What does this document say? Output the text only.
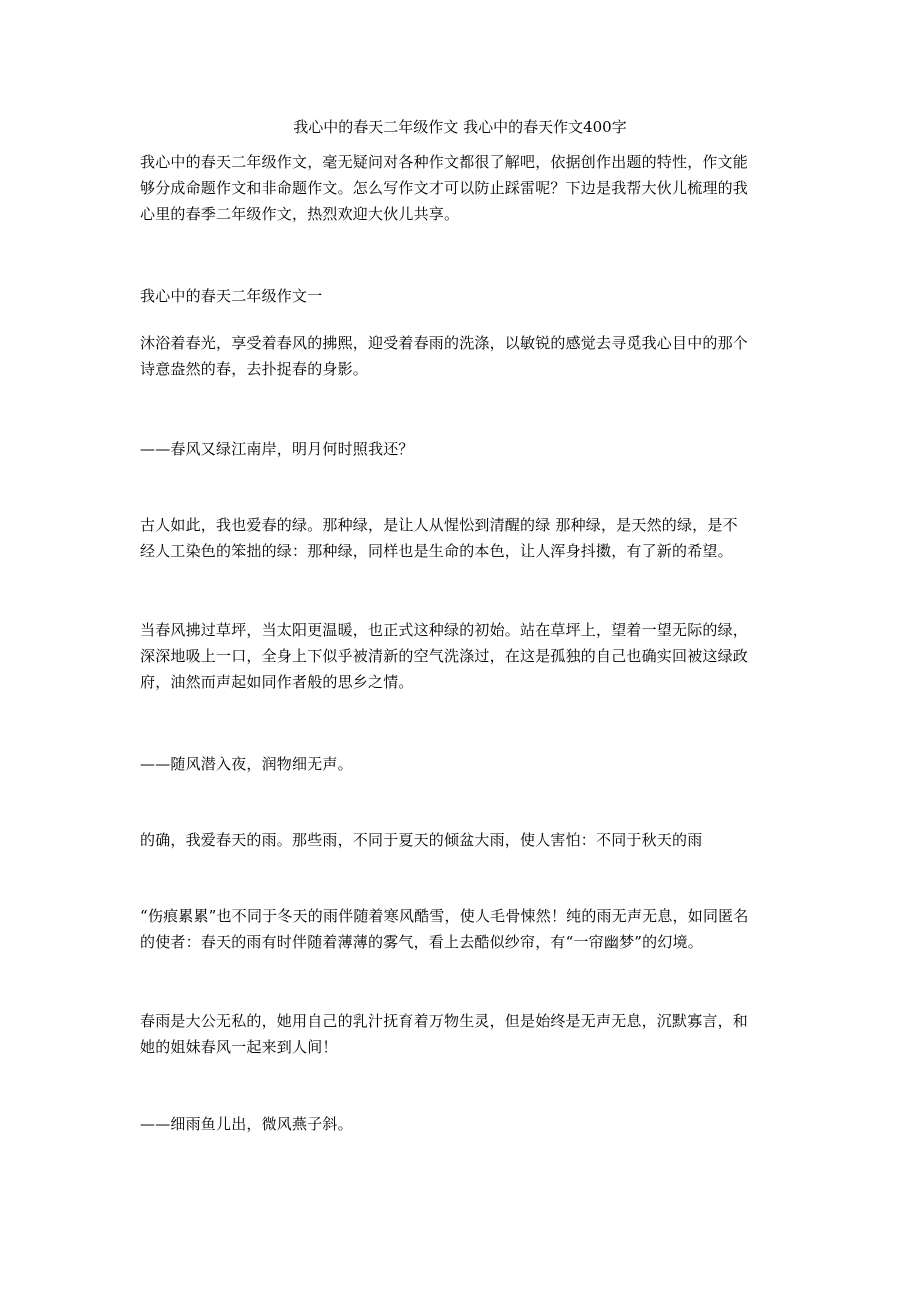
我心中的春天二年级作文 我心中的春天作文400字
我心中的春天二年级作文，毫无疑问对各种作文都很了解吧，依据创作出题的特性，作文能
够分成命题作文和非命题作文。怎么写作文才可以防止踩雷呢？下边是我帮大伙儿梳理的我
心里的春季二年级作文，热烈欢迎大伙儿共享。
我心中的春天二年级作文一
沐浴着春光，享受着春风的拂熙，迎受着春雨的洗涤，以敏锐的感觉去寻觅我心目中的那个
诗意盎然的春，去扑捉春的身影。
——春风又绿江南岸，明月何时照我还？
古人如此，我也爱春的绿。那种绿，是让人从惺忪到清醒的绿 那种绿，是天然的绿，是不
经人工染色的笨拙的绿：那种绿，同样也是生命的本色，让人浑身抖擞，有了新的希望。
当春风拂过草坪，当太阳更温暖，也正式这种绿的初始。站在草坪上，望着一望无际的绿，
深深地吸上一口，全身上下似乎被清新的空气洗涤过，在这是孤独的自己也确实回被这绿政
府，油然而声起如同作者般的思乡之情。
——随风潜入夜，润物细无声。
的确，我爱春天的雨。那些雨，不同于夏天的倾盆大雨，使人害怕：不同于秋天的雨
“伤痕累累”也不同于冬天的雨伴随着寒风酷雪，使人毛骨悚然！纯的雨无声无息，如同匿名
的使者：春天的雨有时伴随着薄薄的雾气，看上去酷似纱帘，有“一帘幽梦”的幻境。
春雨是大公无私的，她用自己的乳汁抚育着万物生灵，但是始终是无声无息，沉默寡言，和
她的姐妹春风一起来到人间！
——细雨鱼儿出，微风燕子斜。
